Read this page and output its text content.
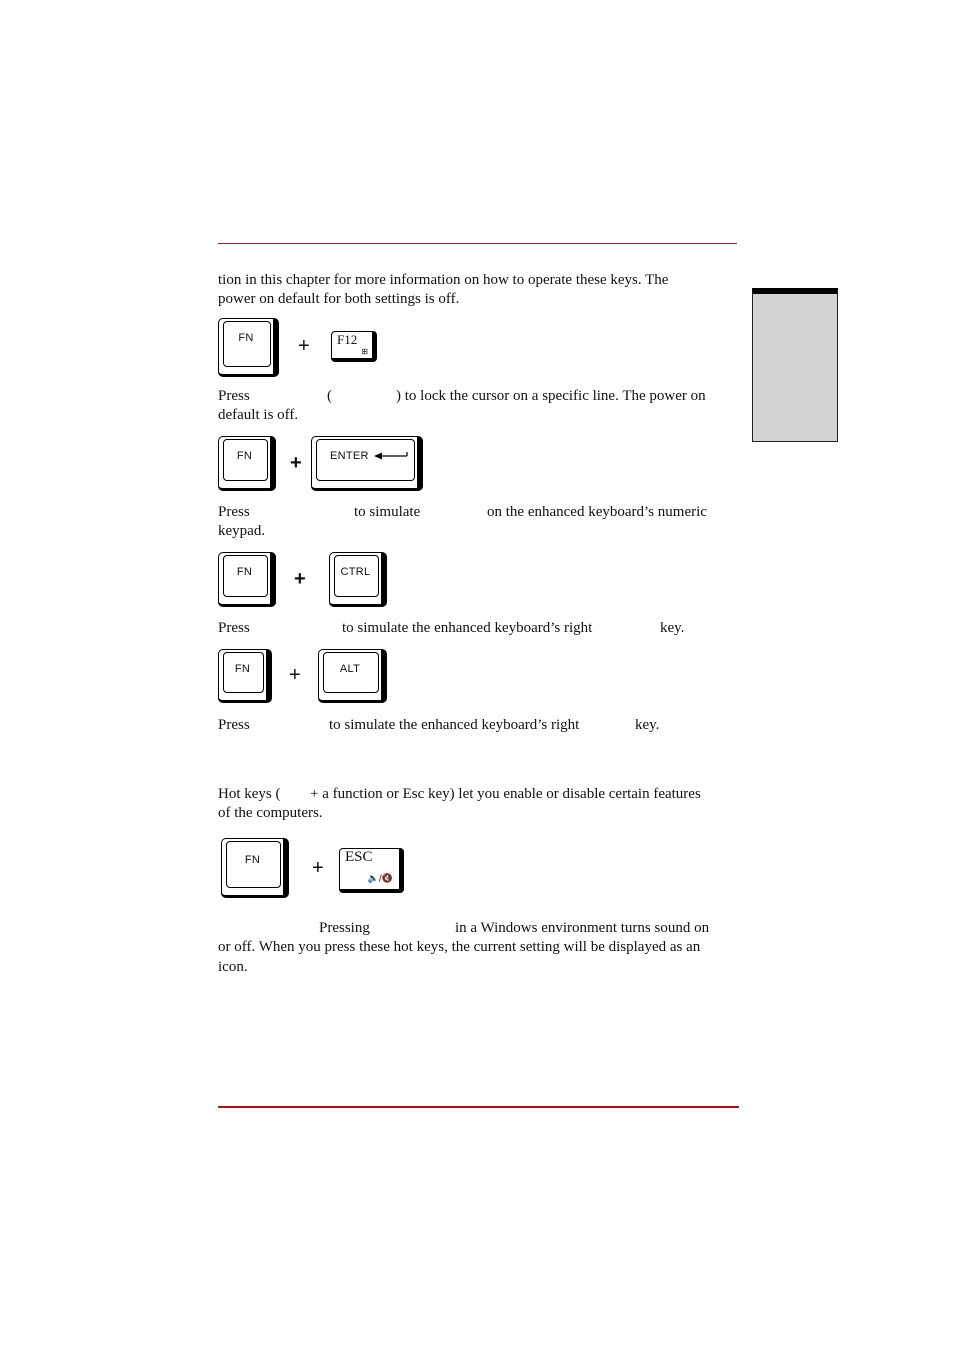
tion in this chapter for more information on how to operate these keys. The
power on default for both settings is off.
FN	+ F12
⊞
Press	(	) to lock the cursor on a specific line. The power on
default is off.
FN	+	ENTER
Press	to simulate	on the enhanced keyboard’s numeric
keypad.
FN	+	CTRL
Press	to simulate the enhanced keyboard’s right	key.
FN	+	ALT
Press	to simulate the enhanced keyboard’s right	key.
Hot keys ( + a function or Esc key) let you enable or disable certain features
of the computers.
FN	+ ESC
🔈/🔇
Pressing	in a Windows environment turns sound on
or off. When you press these hot keys, the current setting will be displayed as an
icon.
